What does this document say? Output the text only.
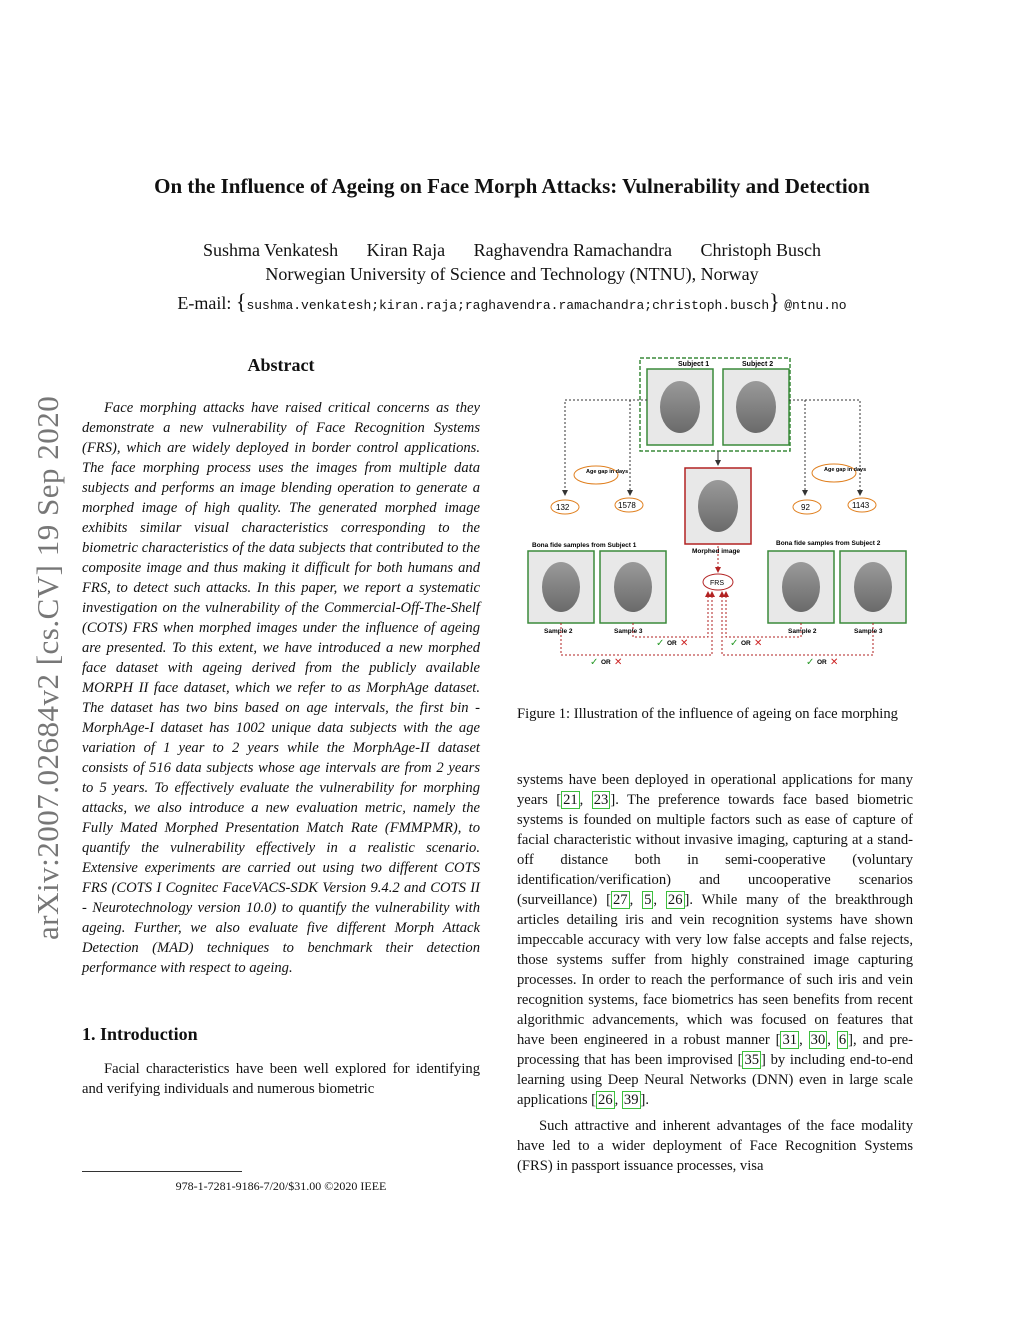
On the Influence of Ageing on Face Morph Attacks: Vulnerability and Detection
Sushma Venkatesh Kiran Raja Raghavendra Ramachandra Christoph Busch
Norwegian University of Science and Technology (NTNU), Norway
E-mail: {sushma.venkatesh;kiran.raja;raghavendra.ramachandra;christoph.busch} @ntnu.no
arXiv:2007.02684v2 [cs.CV] 19 Sep 2020
Abstract

Face morphing attacks have raised critical concerns as they demonstrate a new vulnerability of Face Recognition Systems (FRS), which are widely deployed in border control applications. The face morphing process uses the images from multiple data subjects and performs an image blending operation to generate a morphed image of high quality. The generated morphed image exhibits similar visual characteristics corresponding to the biometric characteristics of the data subjects that contributed to the composite image and thus making it difficult for both humans and FRS, to detect such attacks. In this paper, we report a systematic investigation on the vulnerability of the Commercial-Off-The-Shelf (COTS) FRS when morphed images under the influence of ageing are presented. To this extent, we have introduced a new morphed face dataset with ageing derived from the publicly available MORPH II face dataset, which we refer to as MorphAge dataset. The dataset has two bins based on age intervals, the first bin - MorphAge-I dataset has 1002 unique data subjects with the age variation of 1 year to 2 years while the MorphAge-II dataset consists of 516 data subjects whose age intervals are from 2 years to 5 years. To effectively evaluate the vulnerability for morphing attacks, we also introduce a new evaluation metric, namely the Fully Mated Morphed Presentation Match Rate (FMMPMR), to quantify the vulnerability effectively in a realistic scenario. Extensive experiments are carried out using two different COTS FRS (COTS I Cognitec FaceVACS-SDK Version 9.4.2 and COTS II - Neurotechnology version 10.0) to quantify the vulnerability with ageing. Further, we also evaluate five different Morph Attack Detection (MAD) techniques to benchmark their detection performance with respect to ageing.

1. Introduction

Facial characteristics have been well explored for identifying and verifying individuals and numerous biometric

978-1-7281-9186-7/20/$31.00 ©2020 IEEE
Subject 1	Subject 2
Morphed image
Age gap in days	Age gap in days
132	1578	92	1143
Bona fide samples from Subject 1	Bona fide samples from Subject 2
Sample 2	Sample 3	Sample 2	Sample 3
FRS
✓ OR ✕	✓ OR ✕
✓ OR ✕	✓ OR ✕
Figure 1: Illustration of the influence of ageing on face morphing

systems have been deployed in operational applications for many years [ 21 , 23 ]. The preference towards face based biometric systems is founded on multiple factors such as ease of capture of facial characteristic without invasive imaging, capturing at a stand-off distance both in semi-cooperative (voluntary identification/verification) and uncooperative scenarios (surveillance) [ 27 , 5 , 26 ]. While many of the breakthrough articles detailing iris and vein recognition systems have shown impeccable accuracy with very low false accepts and false rejects, those systems suffer from highly constrained image capturing processes. In order to reach the performance of such iris and vein recognition systems, face biometrics has seen benefits from recent algorithmic advancements, which was focused on features that have been engineered in a robust manner [ 31 , 30 , 6 ], and pre-processing that has been improvised [ 35 ] by including end-to-end learning using Deep Neural Networks (DNN) even in large scale applications [ 26 , 39 ].

Such attractive and inherent advantages of the face modality have led to a wider deployment of Face Recognition Systems (FRS) in passport issuance processes, visa
